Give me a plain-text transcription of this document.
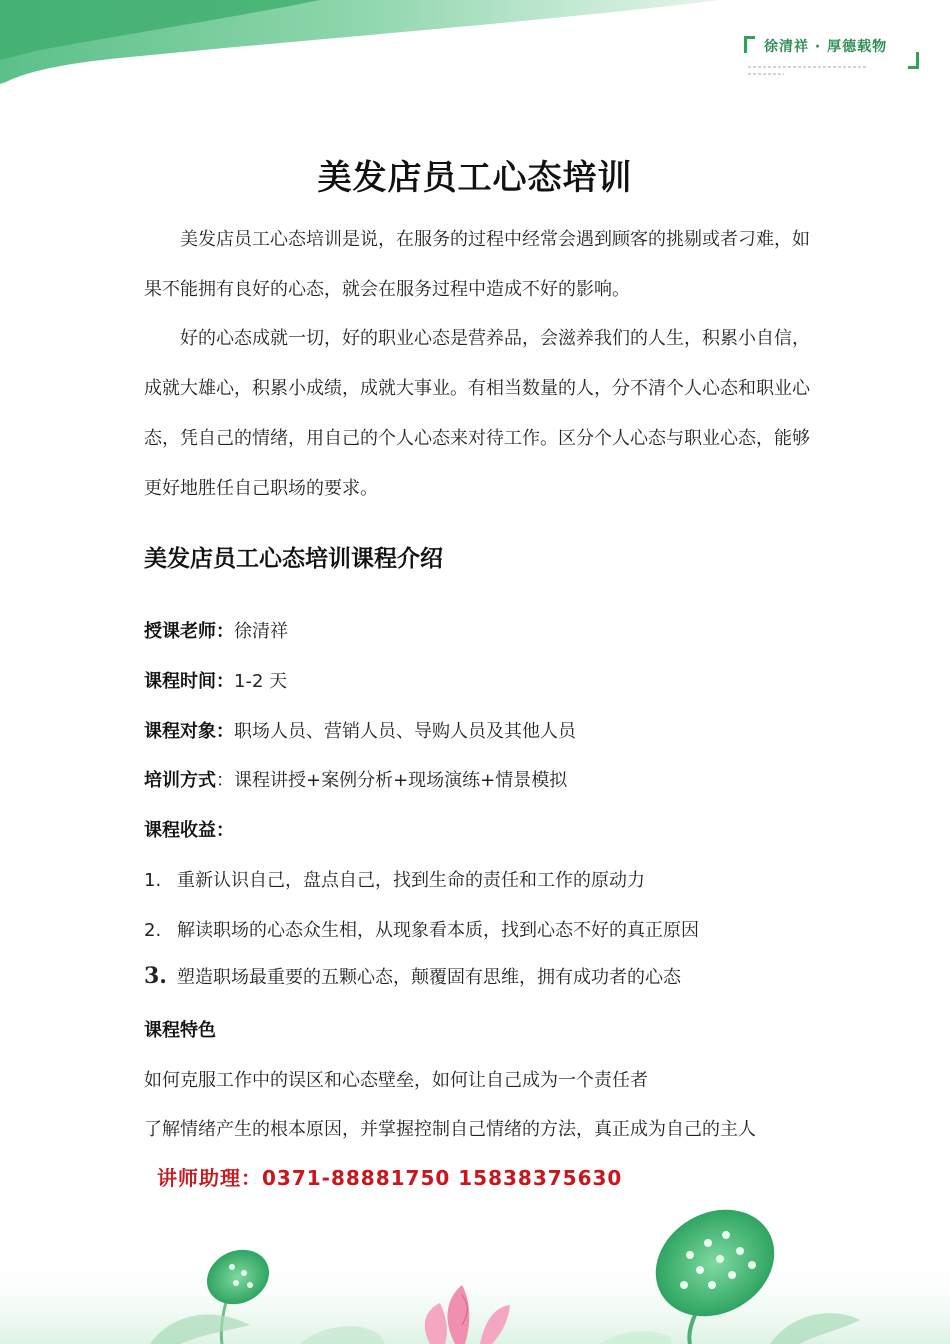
徐清祥 · 厚德载物
美发店员工心态培训
美发店员工心态培训是说，在服务的过程中经常会遇到顾客的挑剔或者刁难，如果不能拥有良好的心态，就会在服务过程中造成不好的影响。
好的心态成就一切，好的职业心态是营养品，会滋养我们的人生，积累小自信，成就大雄心，积累小成绩，成就大事业。有相当数量的人，分不清个人心态和职业心态，凭自己的情绪，用自己的个人心态来对待工作。区分个人心态与职业心态，能够更好地胜任自己职场的要求。
美发店员工心态培训课程介绍
授课老师：徐清祥
课程时间：1-2 天
课程对象：职场人员、营销人员、导购人员及其他人员
培训方式：课程讲授+案例分析+现场演练+情景模拟
课程收益：
1. 重新认识自己，盘点自己，找到生命的责任和工作的原动力
2. 解读职场的心态众生相，从现象看本质，找到心态不好的真正原因
3. 塑造职场最重要的五颗心态，颠覆固有思维，拥有成功者的心态
课程特色
如何克服工作中的误区和心态壁垒，如何让自己成为一个责任者
了解情绪产生的根本原因，并掌握控制自己情绪的方法，真正成为自己的主人
讲师助理：0371-88881750 15838375630
